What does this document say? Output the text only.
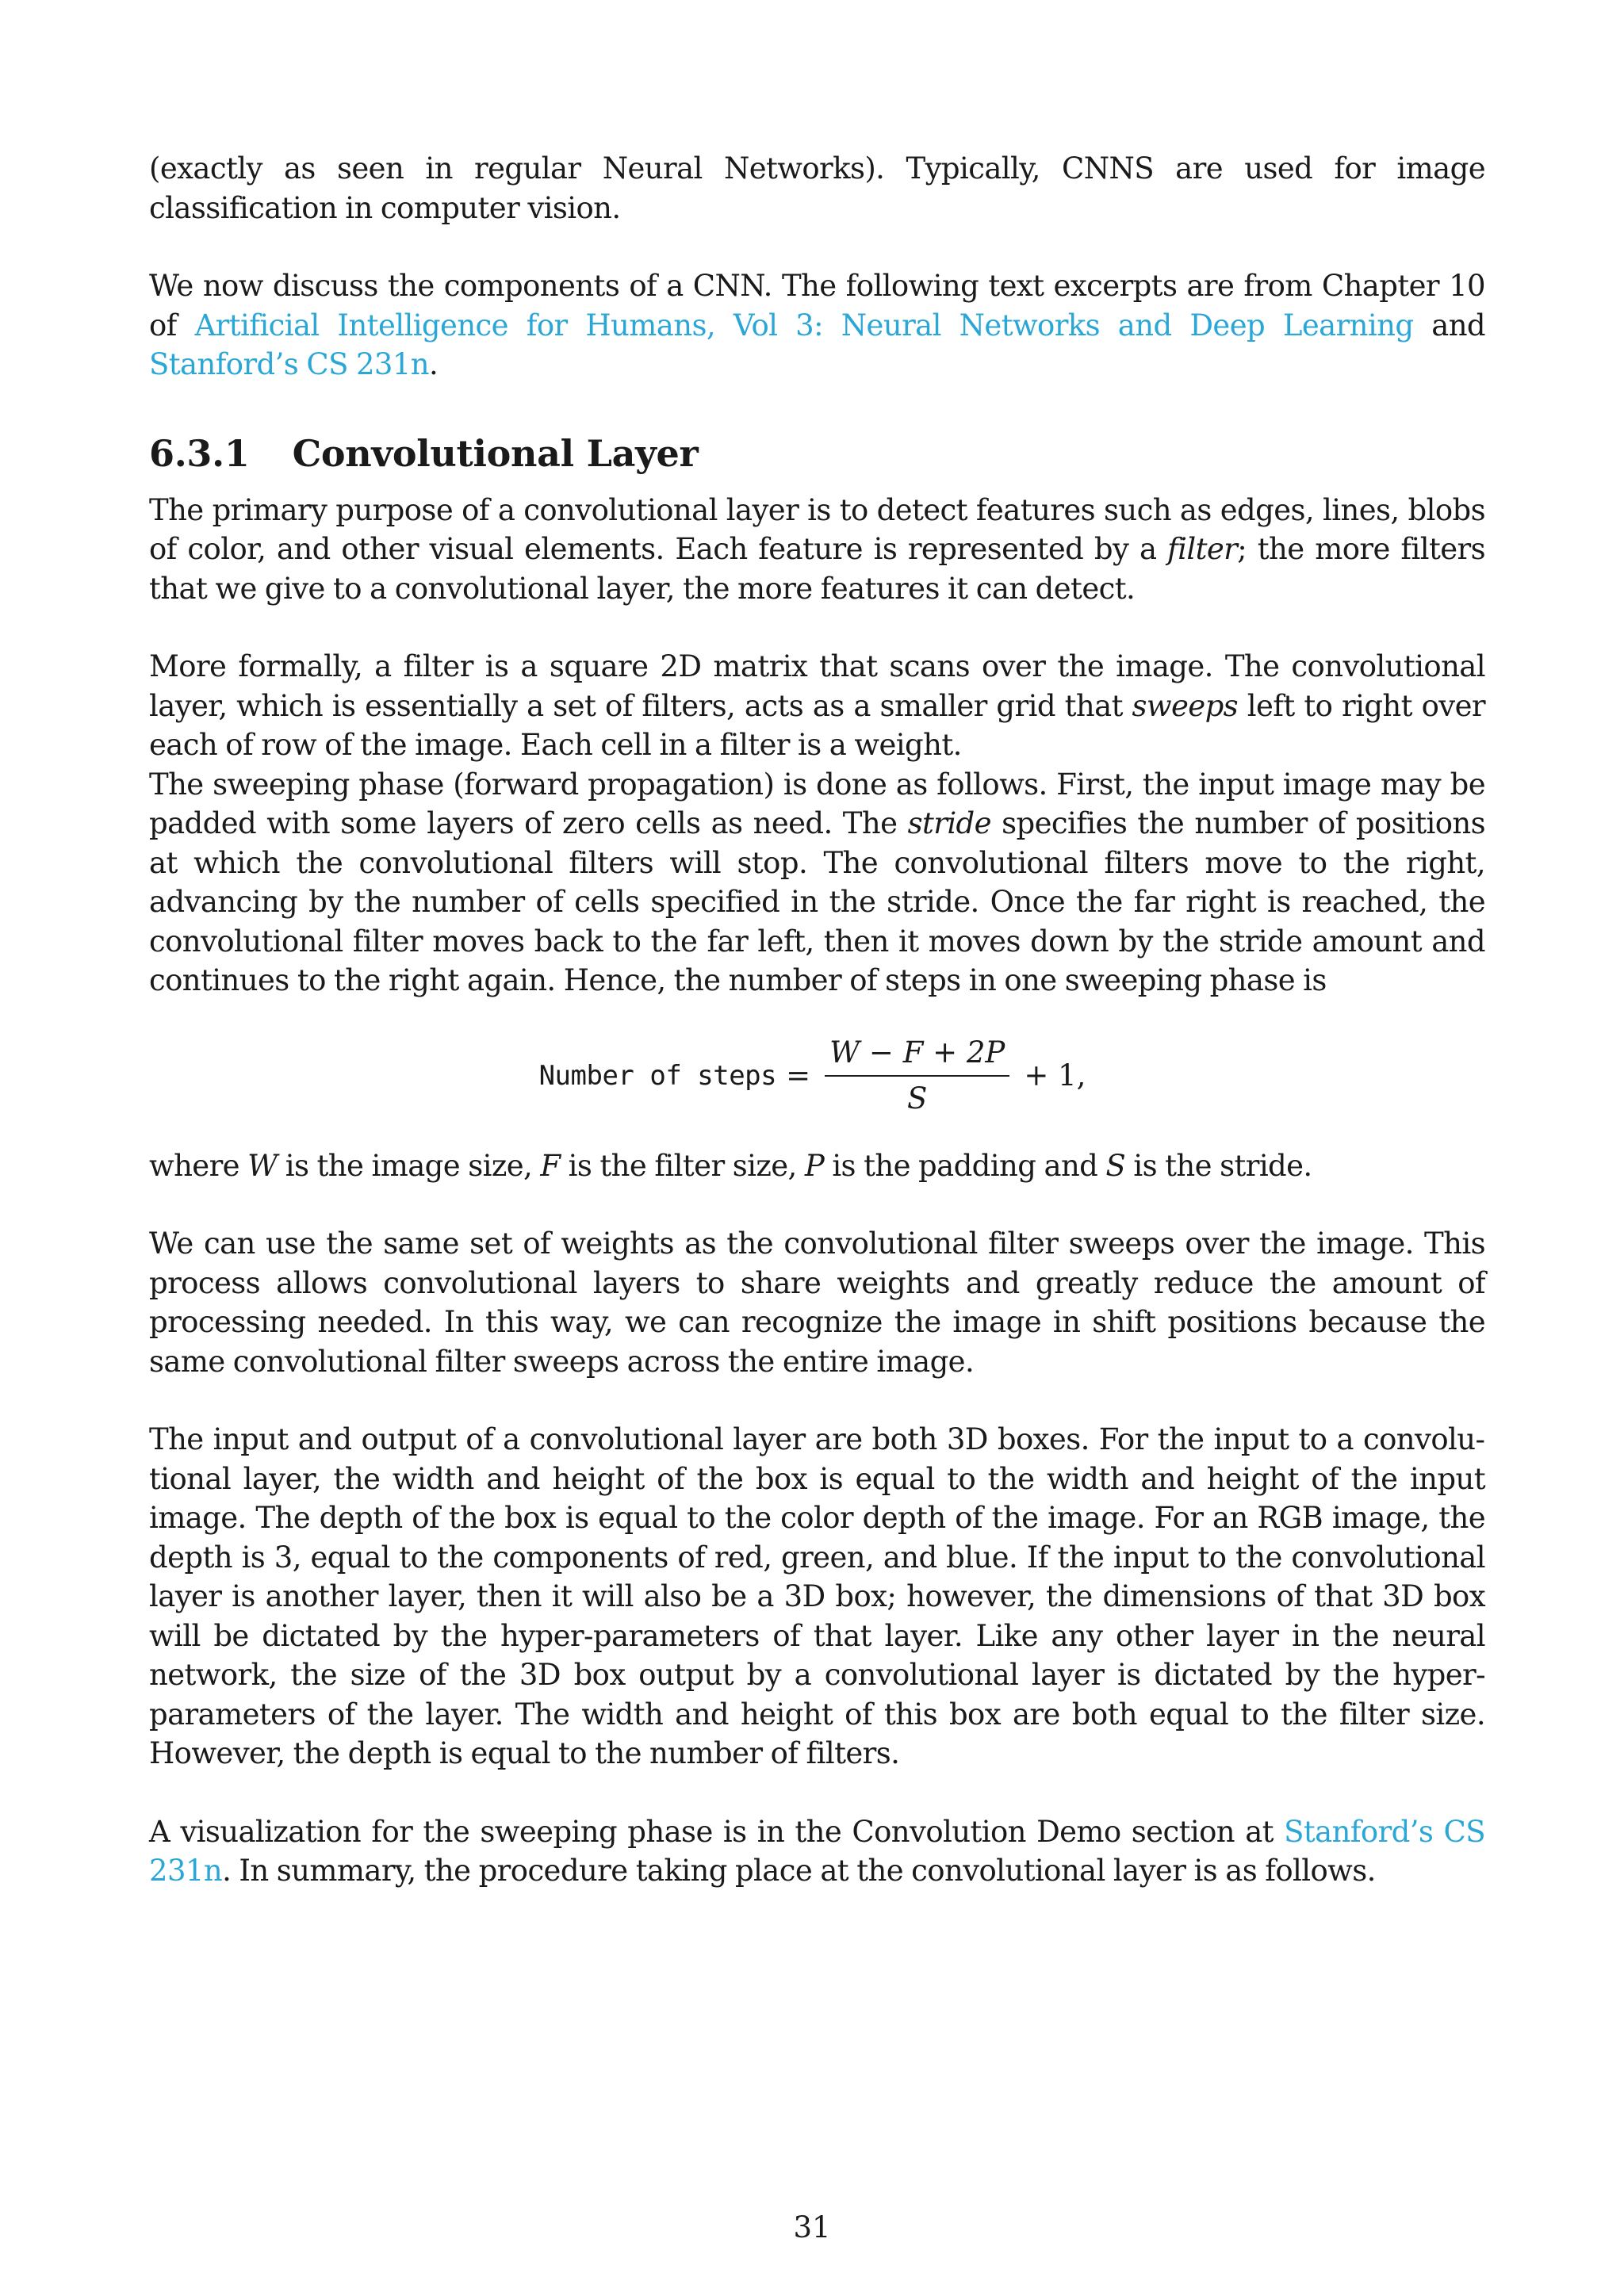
(exactly as seen in regular Neural Networks). Typically, CNNS are used for image classification in computer vision.

We now discuss the components of a CNN. The following text excerpts are from Chapter 10 of Artificial Intelligence for Humans, Vol 3: Neural Networks and Deep Learning and Stanford’s CS 231n.

6.3.1 Convolutional Layer

The primary purpose of a convolutional layer is to detect features such as edges, lines, blobs of color, and other visual elements. Each feature is represented by a filter; the more filters that we give to a convolutional layer, the more features it can detect.

More formally, a filter is a square 2D matrix that scans over the image. The convolutional layer, which is essentially a set of filters, acts as a smaller grid that sweeps left to right over each of row of the image. Each cell in a filter is a weight.

The sweeping phase (forward propagation) is done as follows. First, the input image may be padded with some layers of zero cells as need. The stride specifies the number of positions at which the convolutional filters will stop. The convolutional filters move to the right, advancing by the number of cells specified in the stride. Once the far right is reached, the convolutional filter moves back to the far left, then it moves down by the stride amount and continues to the right again. Hence, the number of steps in one sweeping phase is

Number of steps = $\frac{W - F + 2P}{S} + 1$,

where W is the image size, F is the filter size, P is the padding and S is the stride.

We can use the same set of weights as the convolutional filter sweeps over the image. This process allows convolutional layers to share weights and greatly reduce the amount of processing needed. In this way, we can recognize the image in shift positions because the same convolutional filter sweeps across the entire image.

The input and output of a convolutional layer are both 3D boxes. For the input to a convolutional layer, the width and height of the box is equal to the width and height of the input image. The depth of the box is equal to the color depth of the image. For an RGB image, the depth is 3, equal to the components of red, green, and blue. If the input to the convolutional layer is another layer, then it will also be a 3D box; however, the dimensions of that 3D box will be dictated by the hyper-parameters of that layer. Like any other layer in the neural network, the size of the 3D box output by a convolutional layer is dictated by the hyper-parameters of the layer. The width and height of this box are both equal to the filter size. However, the depth is equal to the number of filters.

A visualization for the sweeping phase is in the Convolution Demo section at Stanford’s CS 231n. In summary, the procedure taking place at the convolutional layer is as follows.

31
